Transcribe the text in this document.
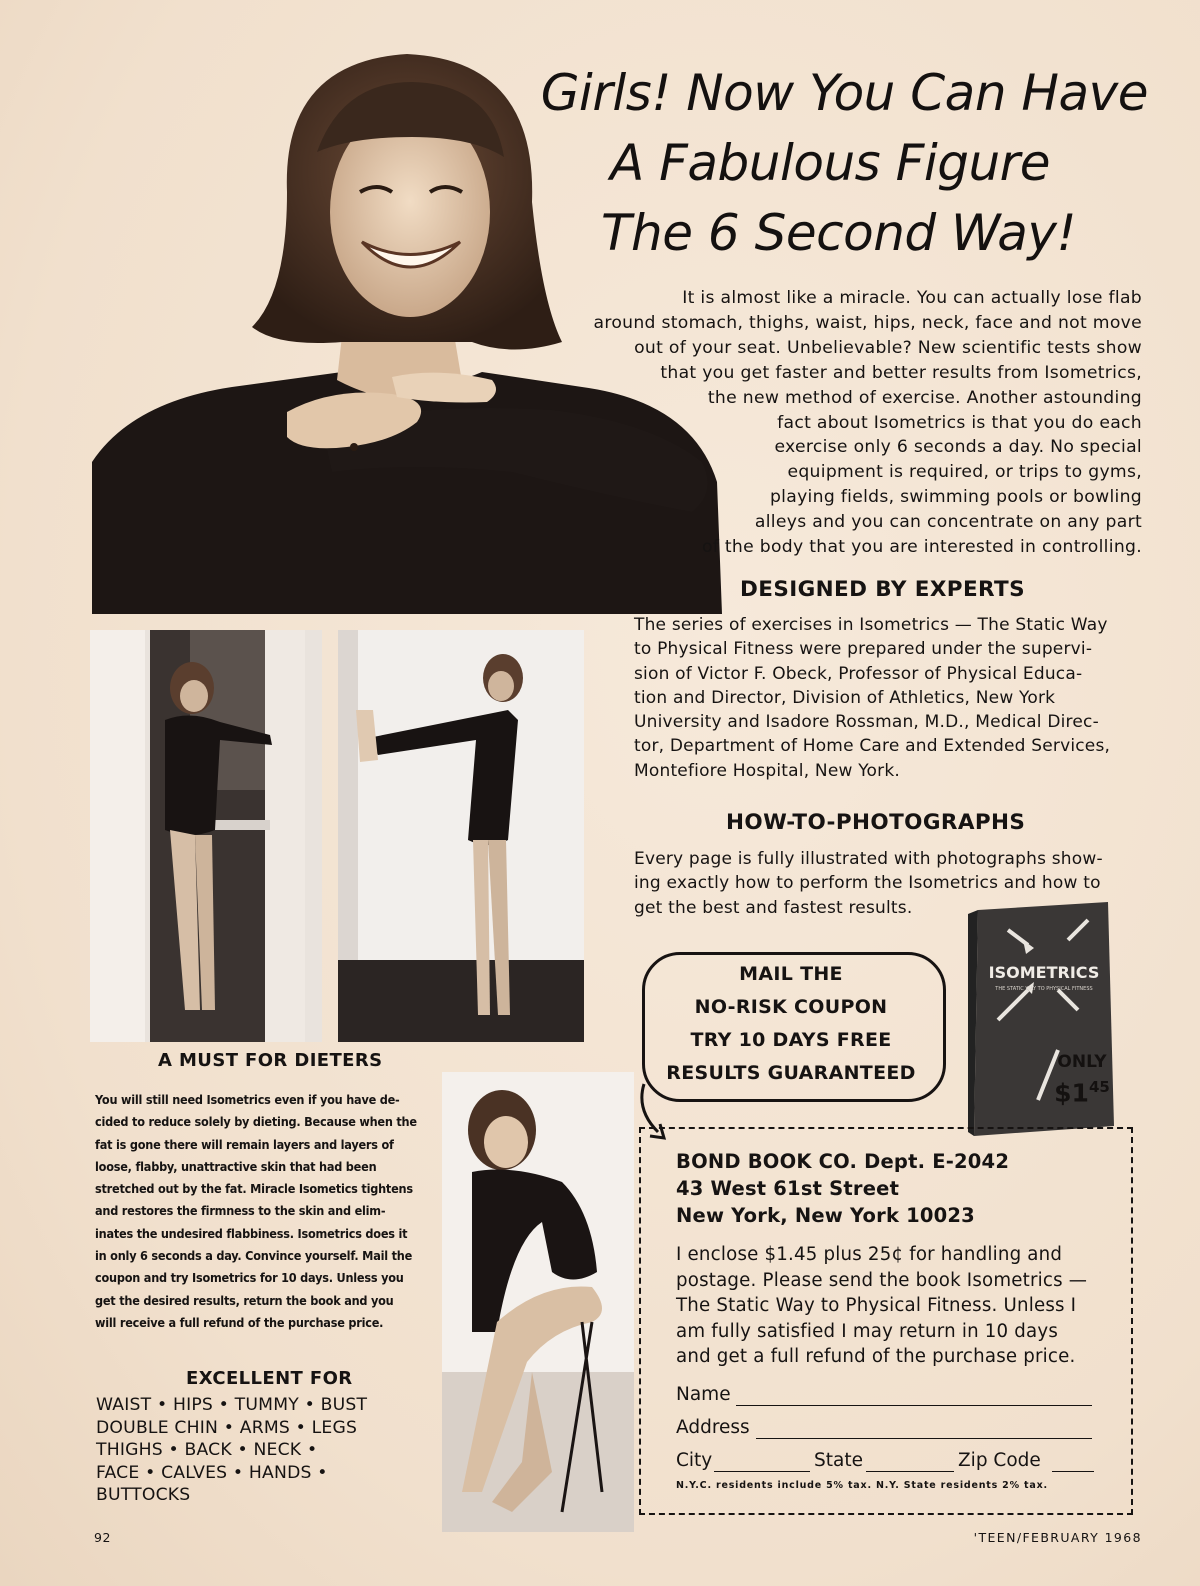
Girls! Now You Can Have
A Fabulous Figure
The 6 Second Way!
It is almost like a miracle. You can actually lose flab
around stomach, thighs, waist, hips, neck, face and not move
out of your seat. Unbelievable? New scientific tests show
that you get faster and better results from Isometrics,
the new method of exercise. Another astounding
fact about Isometrics is that you do each
exercise only 6 seconds a day. No special
equipment is required, or trips to gyms,
playing fields, swimming pools or bowling
alleys and you can concentrate on any part
of the body that you are interested in controlling.
DESIGNED BY EXPERTS
The series of exercises in Isometrics — The Static Way
to Physical Fitness were prepared under the supervi-
sion of Victor F. Obeck, Professor of Physical Educa-
tion and Director, Division of Athletics, New York
University and Isadore Rossman, M.D., Medical Direc-
tor, Department of Home Care and Extended Services,
Montefiore Hospital, New York.
HOW-TO-PHOTOGRAPHS
Every page is fully illustrated with photographs show-
ing exactly how to perform the Isometrics and how to
get the best and fastest results.
MAIL THE
NO-RISK COUPON
TRY 10 DAYS FREE
RESULTS GUARANTEED
ISOMETRICS
THE STATIC WAY TO PHYSICAL FITNESS
ONLY
$\$1^{45}$
BOND BOOK CO. Dept. E-2042
43 West 61st Street
New York, New York 10023
I enclose $1.45 plus 25¢ for handling and
postage. Please send the book Isometrics —
The Static Way to Physical Fitness. Unless I
am fully satisfied I may return in 10 days
and get a full refund of the purchase price.
Name
Address
City	State	Zip Code
N.Y.C. residents include 5% tax. N.Y. State residents 2% tax.
A MUST FOR DIETERS
You will still need Isometrics even if you have de-
cided to reduce solely by dieting. Because when the
fat is gone there will remain layers and layers of
loose, flabby, unattractive skin that had been
stretched out by the fat. Miracle Isometics tightens
and restores the firmness to the skin and elim-
inates the undesired flabbiness. Isometrics does it
in only 6 seconds a day. Convince yourself. Mail the
coupon and try Isometrics for 10 days. Unless you
get the desired results, return the book and you
will receive a full refund of the purchase price.
EXCELLENT FOR
WAIST • HIPS • TUMMY • BUST
DOUBLE CHIN • ARMS • LEGS
THIGHS • BACK • NECK •
FACE • CALVES • HANDS •
BUTTOCKS
92	'TEEN/FEBRUARY 1968
